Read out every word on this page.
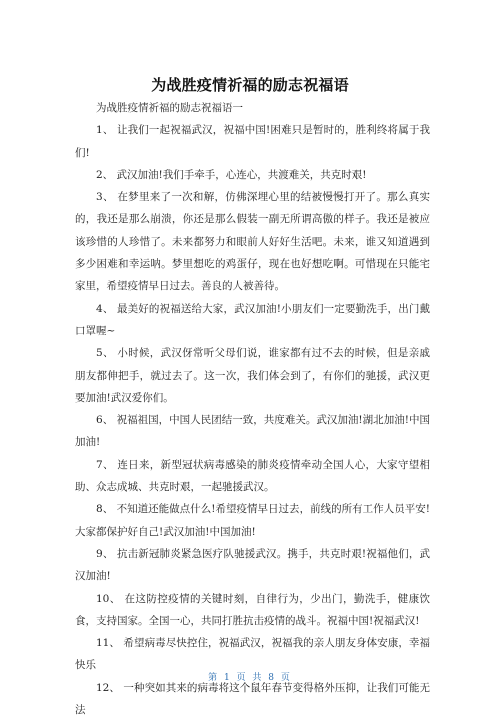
为战胜疫情祈福的励志祝福语

为战胜疫情祈福的励志祝福语一

1、 让我们一起祝福武汉，祝福中国!困难只是暂时的，胜利终将属于我们!

2、 武汉加油!我们手牵手，心连心，共渡难关，共克时艰!

3、 在梦里来了一次和解，仿佛深埋心里的结被慢慢打开了。那么真实的，我还是那么崩溃，你还是那么假装一副无所谓高傲的样子。我还是被应该珍惜的人珍惜了。未来都努力和眼前人好好生活吧。未来，谁又知道遇到多少困难和幸运呐。梦里想吃的鸡蛋仔，现在也好想吃啊。可惜现在只能宅家里，希望疫情早日过去。善良的人被善待。

4、 最美好的祝福送给大家，武汉加油!小朋友们一定要勤洗手，出门戴口罩喔~

5、 小时候，武汉伢常听父母们说，谁家都有过不去的时候，但是亲戚朋友都伸把手，就过去了。这一次，我们体会到了，有你们的驰援，武汉更要加油!武汉爱你们。

6、 祝福祖国，中国人民团结一致，共度难关。武汉加油!湖北加油!中国加油!

7、 连日来，新型冠状病毒感染的肺炎疫情牵动全国人心，大家守望相助、众志成城、共克时艰，一起驰援武汉。

8、 不知道还能做点什么!希望疫情早日过去，前线的所有工作人员平安!大家都保护好自己!武汉加油!中国加油!

9、 抗击新冠肺炎紧急医疗队驰援武汉。携手，共克时艰!祝福他们，武汉加油!

10、 在这防控疫情的关键时刻，自律行为，少出门，勤洗手，健康饮食，支持国家。全国一心，共同打胜抗击疫情的战斗。祝福中国!祝福武汉!

11、 希望病毒尽快控住，祝福武汉，祝福我的亲人朋友身体安康，幸福快乐

12、 一种突如其来的病毒将这个鼠年春节变得格外压抑，让我们可能无法

第 1 页 共 8 页
